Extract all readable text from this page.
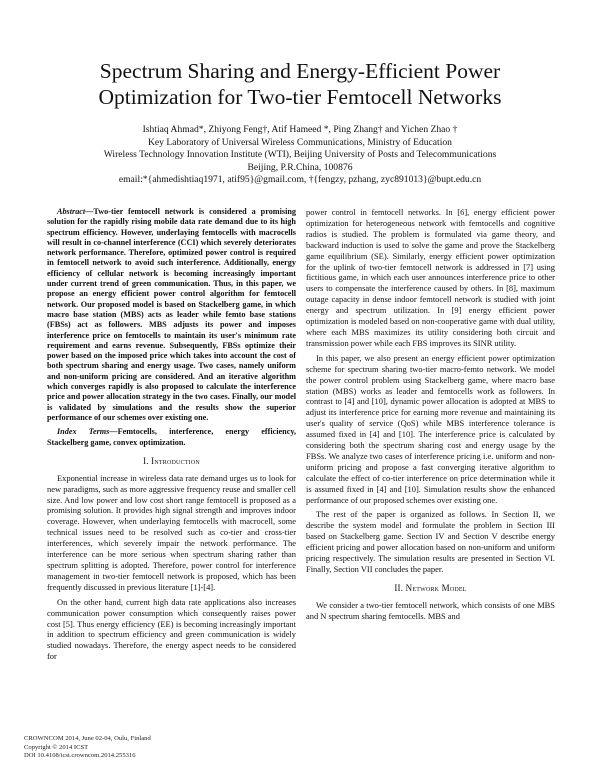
Spectrum Sharing and Energy-Efficient Power
Optimization for Two-tier Femtocell Networks
Ishtiaq Ahmad*, Zhiyong Feng†, Atif Hameed *, Ping Zhang† and Yichen Zhao †
Key Laboratory of Universal Wireless Communications, Ministry of Education
Wireless Technology Innovation Institute (WTI), Beijing University of Posts and Telecommunications
Beijing, P.R.China, 100876
email:*{ahmedishtiaq1971, atif95}@gmail.com, †{fengzy, pzhang, zyc891013}@bupt.edu.cn

Abstract—Two-tier femtocell network is considered a promising solution for the rapidly rising mobile data rate demand due to its high spectrum efficiency. However, underlaying femtocells with macrocells will result in co-channel interference (CCI) which severely deteriorates network performance. Therefore, optimized power control is required in femtocell network to avoid such interference. Additionally, energy efficiency of cellular network is becoming increasingly important under current trend of green communication. Thus, in this paper, we propose an energy efficient power control algorithm for femtocell network. Our proposed model is based on Stackelberg game, in which macro base station (MBS) acts as leader while femto base stations (FBSs) act as followers. MBS adjusts its power and imposes interference price on femtocells to maintain its user's minimum rate requirement and earns revenue. Subsequently, FBSs optimize their power based on the imposed price which takes into account the cost of both spectrum sharing and energy usage. Two cases, namely uniform and non-uniform pricing are considered. And an iterative algorithm which converges rapidly is also proposed to calculate the interference price and power allocation strategy in the two cases. Finally, our model is validated by simulations and the results show the superior performance of our schemes over existing one.

Index Terms—Femtocells, interference, energy efficiency, Stackelberg game, convex optimization.

I. Introduction

Exponential increase in wireless data rate demand urges us to look for new paradigms, such as more aggressive frequency reuse and smaller cell size. And low power and low cost short range femtocell is proposed as a promising solution. It provides high signal strength and improves indoor coverage. However, when underlaying femtocells with macrocell, some technical issues need to be resolved such as co-tier and cross-tier interferences, which severely impair the network performance. The interference can be more serious when spectrum sharing rather than spectrum splitting is adopted. Therefore, power control for interference management in two-tier femtocell network is proposed, which has been frequently discussed in previous literature [1]-[4].

On the other hand, current high data rate applications also increases communication power consumption which consequently raises power cost [5]. Thus energy efficiency (EE) is becoming increasingly important in addition to spectrum efficiency and green communication is widely studied nowadays. Therefore, the energy aspect needs to be considered for

power control in femtocell networks. In [6], energy efficient power optimization for heterogeneous network with femtocells and cognitive radios is studied. The problem is formulated via game theory, and backward induction is used to solve the game and prove the Stackelberg game equilibrium (SE). Similarly, energy efficient power optimization for the uplink of two-tier femtocell network is addressed in [7] using fictitious game, in which each user announces interference price to other users to compensate the interference caused by others. In [8], maximum outage capacity in dense indoor femtocell network is studied with joint energy and spectrum utilization. In [9] energy efficient power optimization is modeled based on non-cooperative game with dual utility, where each MBS maximizes its utility considering both circuit and transmission power while each FBS improves its SINR utility.

In this paper, we also present an energy efficient power optimization scheme for spectrum sharing two-tier macro-femto network. We model the power control problem using Stackelberg game, where macro base station (MBS) works as leader and femtocells work as followers. In contrast to [4] and [10], dynamic power allocation is adopted at MBS to adjust its interference price for earning more revenue and maintaining its user's quality of service (QoS) while MBS interference tolerance is assumed fixed in [4] and [10]. The interference price is calculated by considering both the spectrum sharing cost and energy usage by the FBSs. We analyze two cases of interference pricing i.e. uniform and non-uniform pricing and propose a fast converging iterative algorithm to calculate the effect of co-tier interference on price determination while it is assumed fixed in [4] and [10]. Simulation results show the enhanced performance of our proposed schemes over existing one.

The rest of the paper is organized as follows. In Section II, we describe the system model and formulate the problem in Section III based on Stackelberg game. Section IV and Section V describe energy efficient pricing and power allocation based on non-uniform and uniform pricing respectively. The simulation results are presented in Section VI. Finally, Section VII concludes the paper.

II. Network Model

We consider a two-tier femtocell network, which consists of one MBS and N spectrum sharing femtocells. MBS and

CROWNCOM 2014, June 02-04, Oulu, Finland
Copyright © 2014 ICST
DOI 10.4108/icst.crowncom.2014.255316
